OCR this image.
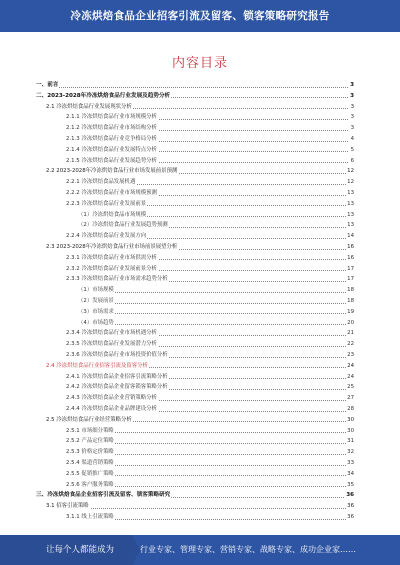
冷冻烘焙食品企业招客引流及留客、锁客策略研究报告
内容目录
一、前言	3
二、2023-2028年冷冻烘焙食品行业发展及趋势分析	3
2.1 冷冻烘焙食品行业发展现状分析	3
2.1.1 冷冻烘焙食品行业市场规模分析	3
2.1.2 冷冻烘焙食品行业市场结构分析	3
2.1.3 冷冻烘焙食品行业竞争格局分析	4
2.1.4 冷冻烘焙食品行业发展特点分析	5
2.1.5 冷冻烘焙食品行业发展趋势分析	6
2.2 2023-2028年冷冻烘焙食品行业市场发展前景预测	12
2.2.1 冷冻烘焙食品发展机遇	12
2.2.2 冷冻烘焙食品行业市场规模预测	13
2.2.3 冷冻烘焙食品行业发展前景	13
（1）冷冻烘焙食品市场规模	13
（2）冷冻烘焙食品行业发展趋势预测	13
2.2.4 冷冻烘焙食品行业发展方向	14
2.3 2023-2028年冷冻烘焙食品行业市场前景展望分析	16
2.3.1 冷冻烘焙食品行业市场供需分析	16
2.3.2 冷冻烘焙食品行业发展前景分析	17
2.3.3 冷冻烘焙食品行业市场需求趋势分析	17
（1）市场规模	18
（2）发展前景	18
（3）市场需求	19
（4）市场趋势	20
2.3.4 冷冻烘焙食品行业市场机遇分析	21
2.3.5 冷冻烘焙食品行业发展潜力分析	22
2.3.6 冷冻烘焙食品行业市场投资价值分析	23
2.4 冷冻烘焙食品行业招客引流及留客分析	24
2.4.1 冷冻烘焙食品企业招客引流策略分析	24
2.4.2 冷冻烘焙食品企业留客锁客策略分析	25
2.4.3 冷冻烘焙食品企业营销策略分析	27
2.4.4 冷冻烘焙食品企业品牌建设分析	28
2.5 冷冻烘焙食品行业经营策略分析	30
2.5.1 市场细分策略	30
2.5.2 产品定位策略	31
2.5.3 价格定价策略	32
2.5.4 渠道营销策略	33
2.5.5 促销推广策略	34
2.5.6 客户服务策略	35
三、冷冻烘焙食品企业招客引流及留客、锁客策略研究	36
3.1 招客引流策略	36
3.1.1 线上引流策略	36
让每个人都能成为	行业专家、管理专家、营销专家、战略专家、成功企业家……
